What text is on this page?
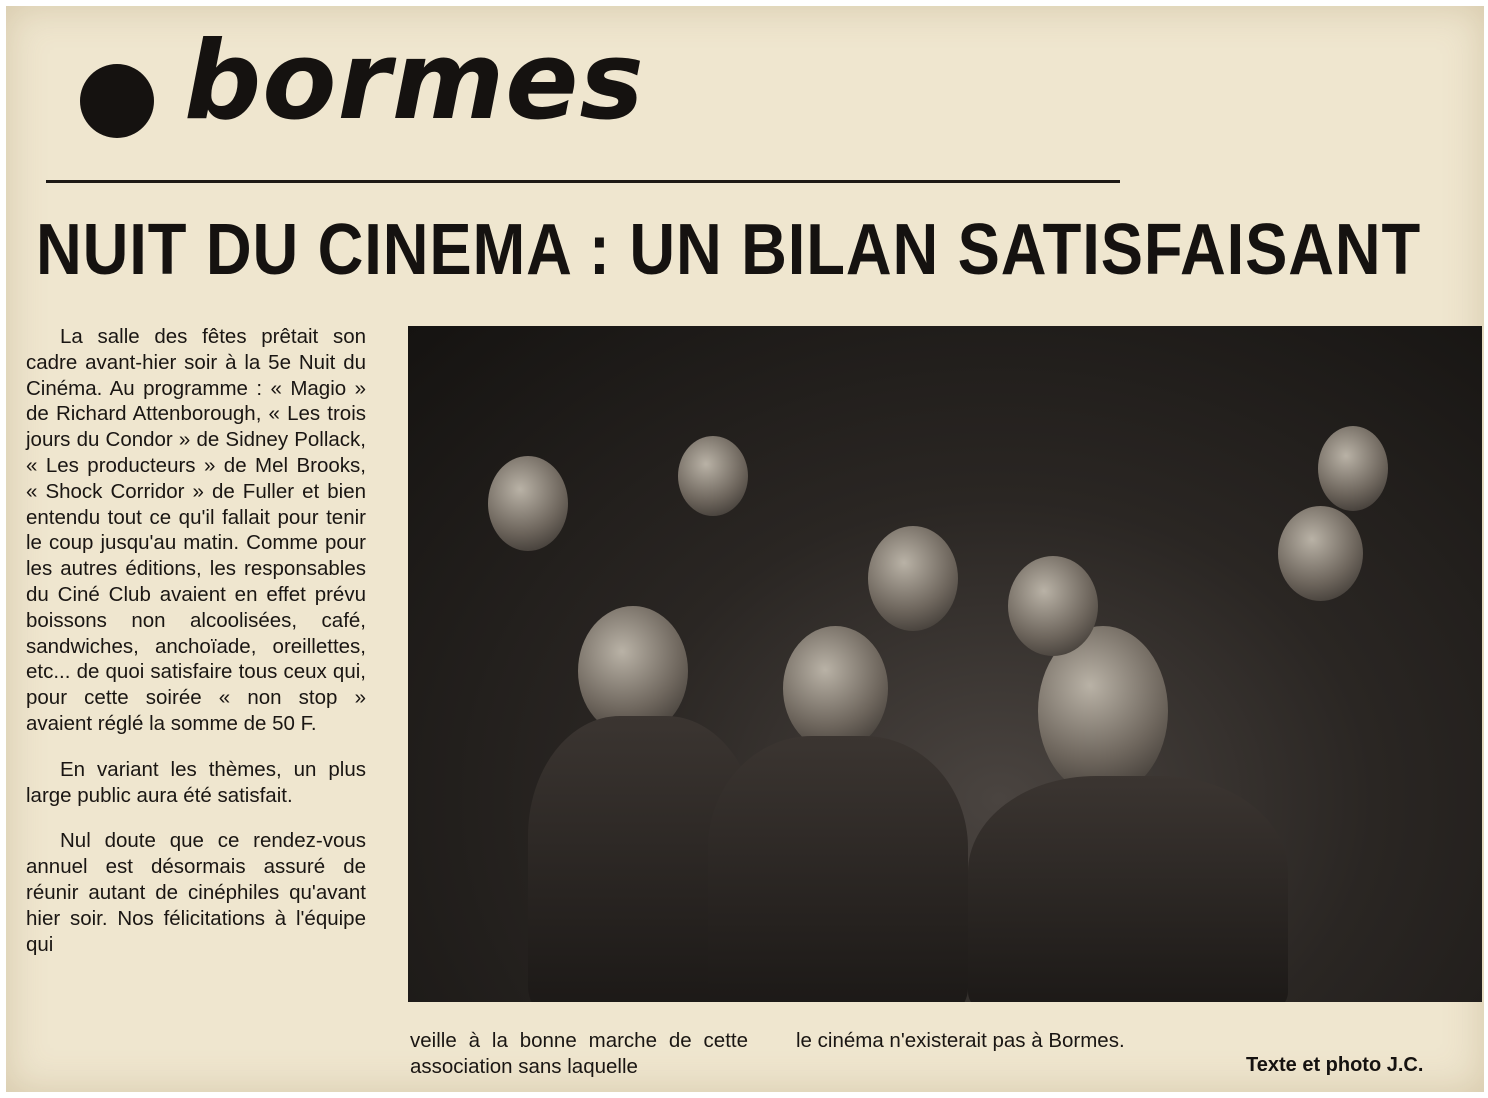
bormes
NUIT DU CINEMA : UN BILAN SATISFAISANT

La salle des fêtes prêtait son cadre avant-hier soir à la 5e Nuit du Cinéma. Au programme : « Magio » de Richard Attenborough, « Les trois jours du Condor » de Sidney Pollack, « Les producteurs » de Mel Brooks, « Shock Corridor » de Fuller et bien entendu tout ce qu'il fallait pour tenir le coup jusqu'au matin. Comme pour les autres éditions, les responsables du Ciné Club avaient en effet prévu boissons non alcoolisées, café, sandwiches, anchoïade, oreillettes, etc... de quoi satisfaire tous ceux qui, pour cette soirée « non stop » avaient réglé la somme de 50 F.

En variant les thèmes, un plus large public aura été satisfait.

Nul doute que ce rendez-vous annuel est désormais assuré de réunir autant de cinéphiles qu'avant hier soir. Nos félicitations à l'équipe qui

veille à la bonne marche de cette association sans laquelle
le cinéma n'existerait pas à Bormes.
Texte et photo J.C.
